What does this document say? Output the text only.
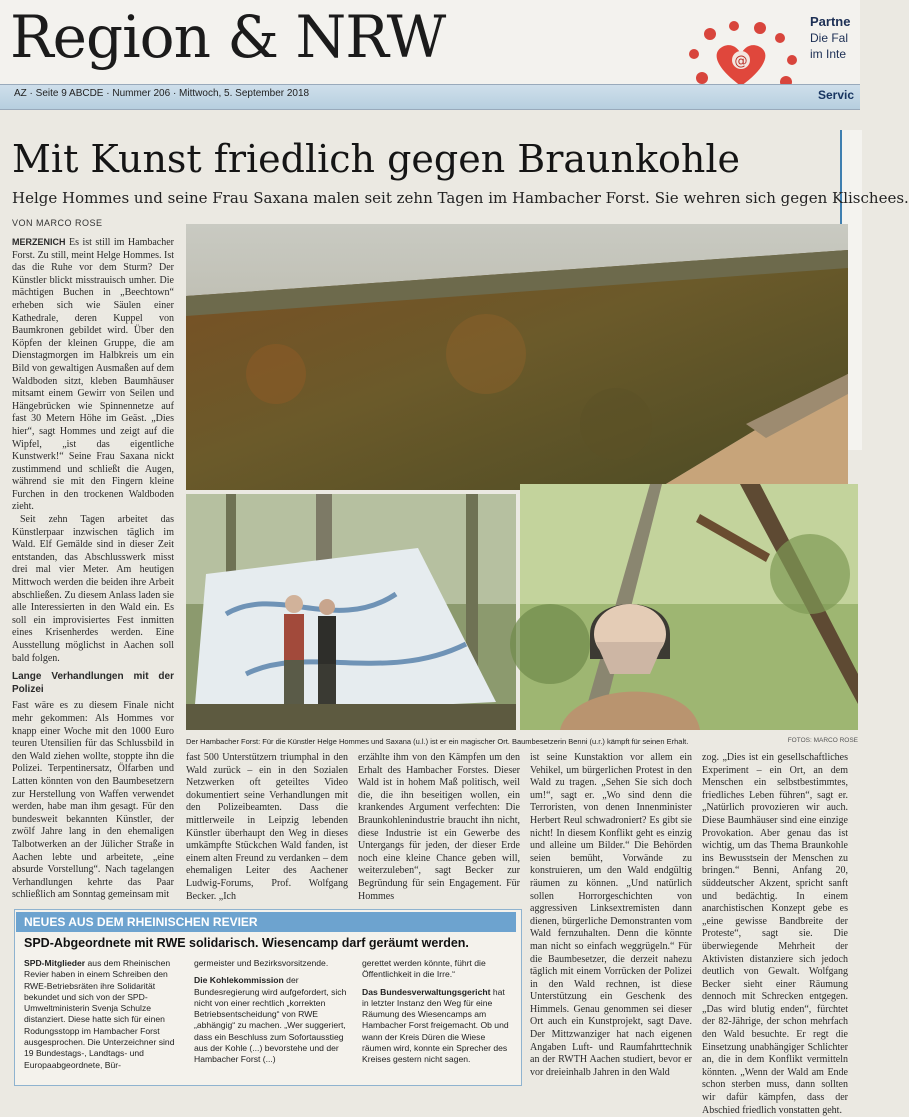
Region & NRW	@
Partne
Die Fal
im Inte
AZ · Seite 9 ABCDE · Nummer 206 · Mittwoch, 5. September 2018	Servic
Mit Kunst friedlich gegen Braunkohle
Helge Hommes und seine Frau Saxana malen seit zehn Tagen im Hambacher Forst. Sie wehren sich gegen Klischees.
VON MARCO ROSE

MERZENICH Es ist still im Hambacher Forst. Zu still, meint Helge Hommes. Ist das die Ruhe vor dem Sturm? Der Künstler blickt misstrauisch umher. Die mächtigen Buchen in „Beechtown“ erheben sich wie Säulen einer Kathedrale, deren Kuppel von Baumkronen gebildet wird. Über den Köpfen der kleinen Gruppe, die am Dienstagmorgen im Halbkreis um ein Bild von gewaltigen Ausmaßen auf dem Waldboden sitzt, kleben Baumhäuser mitsamt einem Gewirr von Seilen und Hängebrücken wie Spinnennetze auf fast 30 Metern Höhe im Geäst. „Dies hier“, sagt Hommes und zeigt auf die Wipfel, „ist das eigentliche Kunstwerk!“ Seine Frau Saxana nickt zustimmend und schließt die Augen, während sie mit den Fingern kleine Furchen in den trockenen Waldboden zieht.

Seit zehn Tagen arbeitet das Künstlerpaar inzwischen täglich im Wald. Elf Gemälde sind in dieser Zeit entstanden, das Abschlusswerk misst drei mal vier Meter. Am heutigen Mittwoch werden die beiden ihre Arbeit abschließen. Zu diesem Anlass laden sie alle Interessierten in den Wald ein. Es soll ein improvisiertes Fest inmitten eines Krisenherdes werden. Eine Ausstellung möglichst in Aachen soll bald folgen.

Lange Verhandlungen mit der Polizei

Fast wäre es zu diesem Finale nicht mehr gekommen: Als Hommes vor knapp einer Woche mit den 1000 Euro teuren Utensilien für das Schlussbild in den Wald ziehen wollte, stoppte ihn die Polizei. Terpentinersatz, Ölfarben und Latten könnten von den Baumbesetzern zur Herstellung von Waffen verwendet werden, habe man ihm gesagt. Für den bundesweit bekannten Künstler, der zwölf Jahre lang in den ehemaligen Talbotwerken an der Jülicher Straße in Aachen lebte und arbeitete, „eine absurde Vorstellung“. Nach tagelangen Verhandlungen kehrte das Paar schließlich am Sonntag gemeinsam mit

Der Hambacher Forst: Für die Künstler Helge Hommes und Saxana (u.l.) ist er ein magischer Ort. Baumbesetzerin Benni (u.r.) kämpft für seinen Erhalt.	FOTOS: MARCO ROSE

fast 500 Unterstützern triumphal in den Wald zurück – ein in den Sozialen Netzwerken oft geteiltes Video dokumentiert seine Verhandlungen mit den Polizeibeamten. Dass die mittlerweile in Leipzig lebenden Künstler überhaupt den Weg in dieses umkämpfte Stückchen Wald fanden, ist einem alten Freund zu verdanken – dem ehemaligen Leiter des Aachener Ludwig-Forums, Prof. Wolfgang Becker. „Ich

erzählte ihm von den Kämpfen um den Erhalt des Hambacher Forstes. Dieser Wald ist in hohem Maß politisch, weil die, die ihn beseitigen wollen, ein krankendes Argument verfechten: Die Braunkohlenindustrie braucht ihn nicht, diese Industrie ist ein Gewerbe des Untergangs für jeden, der dieser Erde noch eine kleine Chance geben will, weiterzuleben“, sagt Becker zur Begründung für sein Engagement. Für Hommes

ist seine Kunstaktion vor allem ein Vehikel, um bürgerlichen Protest in den Wald zu tragen. „Sehen Sie sich doch um!“, sagt er. „Wo sind denn die Terroristen, von denen Innenminister Herbert Reul schwadroniert? Es gibt sie nicht! In diesem Konflikt geht es einzig und alleine um Bilder.“ Die Behörden seien bemüht, Vorwände zu konstruieren, um den Wald endgültig räumen zu können. „Und natürlich sollen Horrorgeschichten von aggressiven Linksextremisten dann dienen, bürgerliche Demonstranten vom Wald fernzuhalten. Denn die könnte man nicht so einfach weggrügeln.“ Für die Baumbesetzer, die derzeit nahezu täglich mit einem Vorrücken der Polizei in den Wald rechnen, ist diese Unterstützung ein Geschenk des Himmels. Genau genommen sei dieser Ort auch ein Kunstprojekt, sagt Dave. Der Mittzwanziger hat nach eigenen Angaben Luft- und Raumfahrttechnik an der RWTH Aachen studiert, bevor er vor dreieinhalb Jahren in den Wald

zog. „Dies ist ein gesellschaftliches Experiment – ein Ort, an dem Menschen ein selbstbestimmtes, friedliches Leben führen“, sagt er. „Natürlich provozieren wir auch. Diese Baumhäuser sind eine einzige Provokation. Aber genau das ist wichtig, um das Thema Braunkohle ins Bewusstsein der Menschen zu bringen.“ Benni, Anfang 20, süddeutscher Akzent, spricht sanft und bedächtig. In einem anarchistischen Konzept gebe es „eine gewisse Bandbreite der Proteste“, sagt sie. Die überwiegende Mehrheit der Aktivisten distanziere sich jedoch deutlich von Gewalt. Wolfgang Becker sieht einer Räumung dennoch mit Schrecken entgegen. „Das wird blutig enden“, fürchtet der 82-Jährige, der schon mehrfach den Wald besuchte. Er regt die Einsetzung unabhängiger Schlichter an, die in dem Konflikt vermitteln könnten. „Wenn der Wald am Ende schon sterben muss, dann sollten wir dafür kämpfen, dass der Abschied friedlich vonstatten geht.

NEUES AUS DEM RHEINISCHEN REVIER
SPD-Abgeordnete mit RWE solidarisch. Wiesencamp darf geräumt werden.
SPD-Mitglieder aus dem Rheinischen Revier haben in einem Schreiben den RWE-Betriebsräten ihre Solidarität bekundet und sich von der SPD-Umweltministerin Svenja Schulze distanziert. Diese hatte sich für einen Rodungsstopp im Hambacher Forst ausgesprochen. Die Unterzeichner sind 19 Bundestags-, Landtags- und Europaabgeordnete, Bür-
germeister und Bezirksvorsitzende.
Die Kohlekommission der Bundesregierung wird aufgefordert, sich nicht von einer rechtlich „korrekten Betriebsentscheidung“ von RWE „abhängig“ zu machen. „Wer suggeriert, dass ein Beschluss zum Sofortausstieg aus der Kohle (...) bevorstehe und der Hambacher Forst (...)
gerettet werden könnte, führt die Öffentlichkeit in die Irre.“
Das Bundesverwaltungsgericht hat in letzter Instanz den Weg für eine Räumung des Wiesencamps am Hambacher Forst freigemacht. Ob und wann der Kreis Düren die Wiese räumen wird, konnte ein Sprecher des Kreises gestern nicht sagen.
